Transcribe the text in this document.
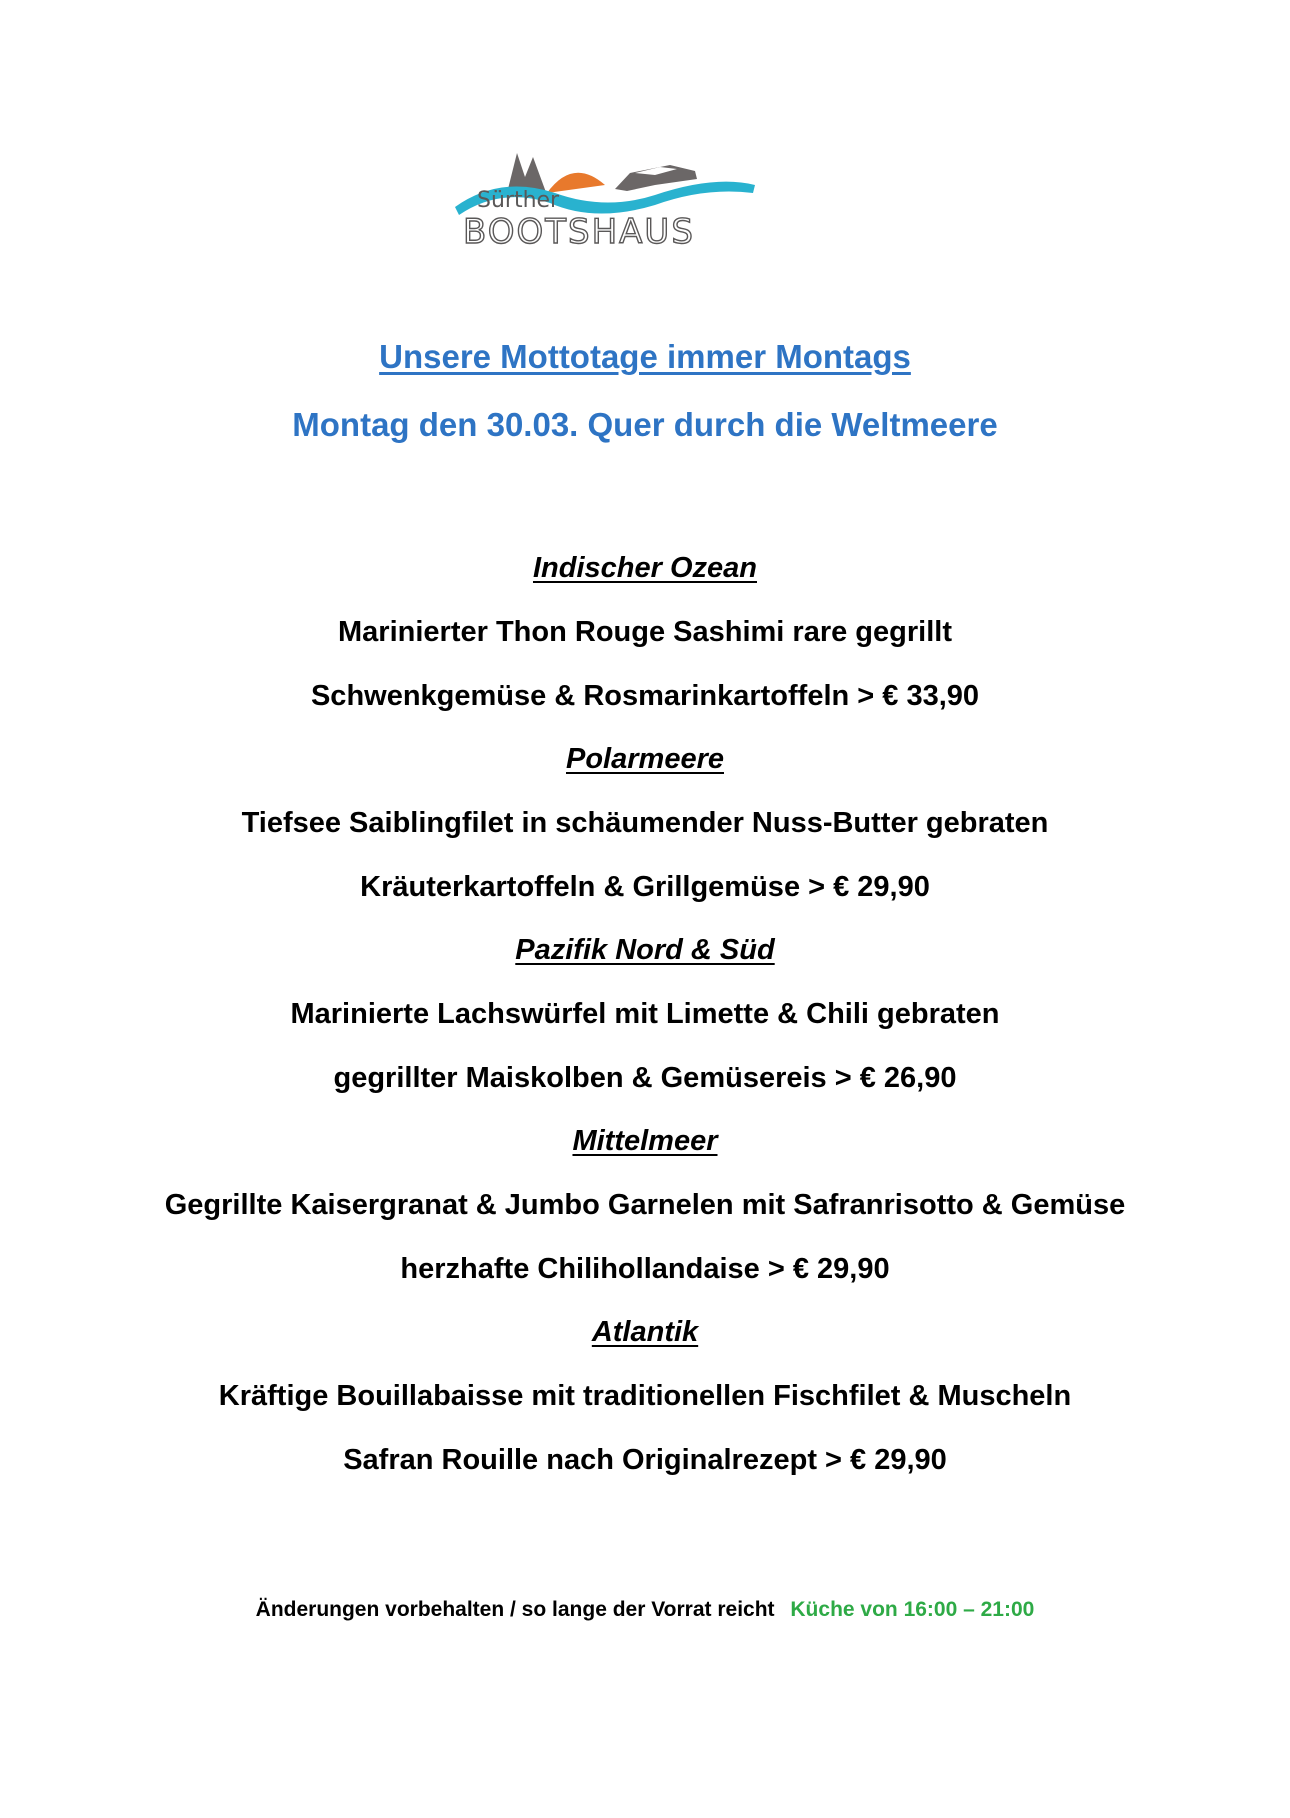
Sürther
BOOTSHAUS
Unsere Mottotage immer Montags
Montag den 30.03. Quer durch die Weltmeere
Indischer Ozean
Marinierter Thon Rouge Sashimi rare gegrillt
Schwenkgemüse & Rosmarinkartoffeln > € 33,90
Polarmeere
Tiefsee Saiblingfilet in schäumender Nuss-Butter gebraten
Kräuterkartoffeln & Grillgemüse > € 29,90
Pazifik Nord & Süd
Marinierte Lachswürfel mit Limette & Chili gebraten
gegrillter Maiskolben & Gemüsereis > € 26,90
Mittelmeer
Gegrillte Kaisergranat & Jumbo Garnelen mit Safranrisotto & Gemüse
herzhafte Chilihollandaise > € 29,90
Atlantik
Kräftige Bouillabaisse mit traditionellen Fischfilet & Muscheln
Safran Rouille nach Originalrezept > € 29,90
Änderungen vorbehalten / so lange der Vorrat reicht Küche von 16:00 – 21:00
